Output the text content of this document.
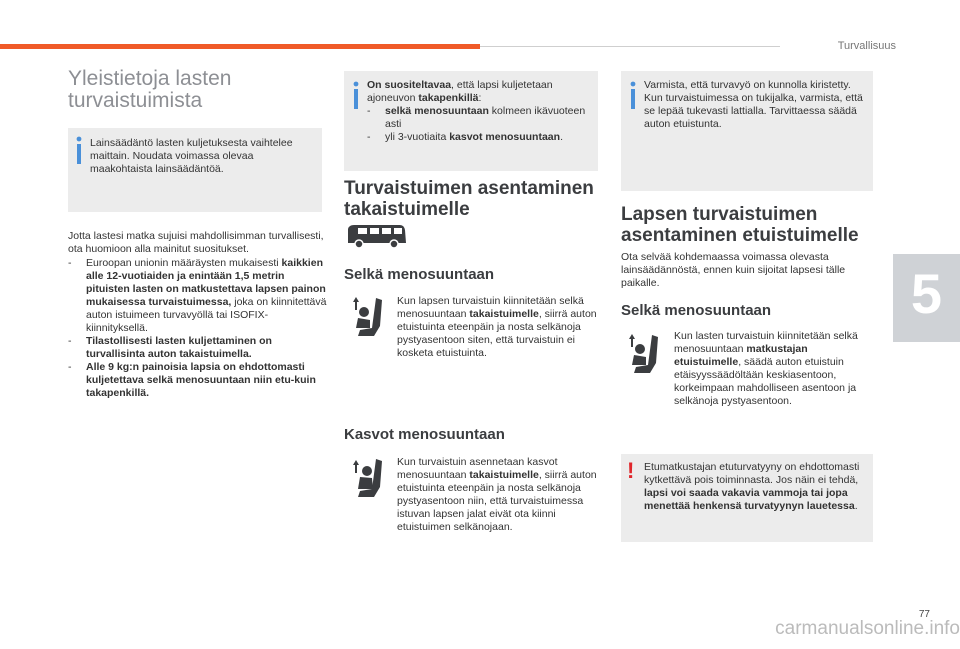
Turvallisuus
5
77
carmanualsonline.info
Yleistietoja lasten turvaistuimista
Lainsäädäntö lasten kuljetuksesta vaihtelee maittain. Noudata voimassa olevaa maakohtaista lainsäädäntöä.
Jotta lastesi matka sujuisi mahdollisimman turvallisesti, ota huomioon alla mainitut suositukset.
- Euroopan unionin määräysten mukaisesti kaikkien alle 12-vuotiaiden ja enintään 1,5 metrin pituisten lasten on matkustettava lapsen painon mukaisessa turvaistuimessa, joka on kiinnitettävä auton istuimeen turvavyöllä tai ISOFIX-kiinnityksellä.
- Tilastollisesti lasten kuljettaminen on turvallisinta auton takaistuimella.
- Alle 9 kg:n painoisia lapsia on ehdottomasti kuljetettava selkä menosuuntaan niin etu-kuin takapenkillä.
On suositeltavaa, että lapsi kuljetetaan ajoneuvon takapenkillä:
- selkä menosuuntaan kolmeen ikävuoteen asti
- yli 3-vuotiaita kasvot menosuuntaan.
Turvaistuimen asentaminen takaistuimelle
Selkä menosuuntaan
Kun lapsen turvaistuin kiinnitetään selkä menosuuntaan takaistuimelle, siirrä auton etuistuinta eteenpäin ja nosta selkänoja pystyasentoon siten, että turvaistuin ei kosketa etuistuinta.
Kasvot menosuuntaan
Kun turvaistuin asennetaan kasvot menosuuntaan takaistuimelle, siirrä auton etuistuinta eteenpäin ja nosta selkänoja pystyasentoon niin, että turvaistuimessa istuvan lapsen jalat eivät ota kiinni etuistuimen selkänojaan.
Varmista, että turvavyö on kunnolla kiristetty. Kun turvaistuimessa on tukijalka, varmista, että se lepää tukevasti lattialla. Tarvittaessa säädä auton etuistunta.
Lapsen turvaistuimen asentaminen etuistuimelle
Ota selvää kohdemaassa voimassa olevasta lainsäädännöstä, ennen kuin sijoitat lapsesi tälle paikalle.
Selkä menosuuntaan
Kun lasten turvaistuin kiinnitetään selkä menosuuntaan matkustajan etuistuimelle, säädä auton etuistuin etäisyyssäädöltään keskiasentoon, korkeimpaan mahdolliseen asentoon ja selkänoja pystyasentoon.
! Etumatkustajan etuturvatyyny on ehdottomasti kytkettävä pois toiminnasta. Jos näin ei tehdä, lapsi voi saada vakavia vammoja tai jopa menettää henkensä turvatyynyn lauetessa.
